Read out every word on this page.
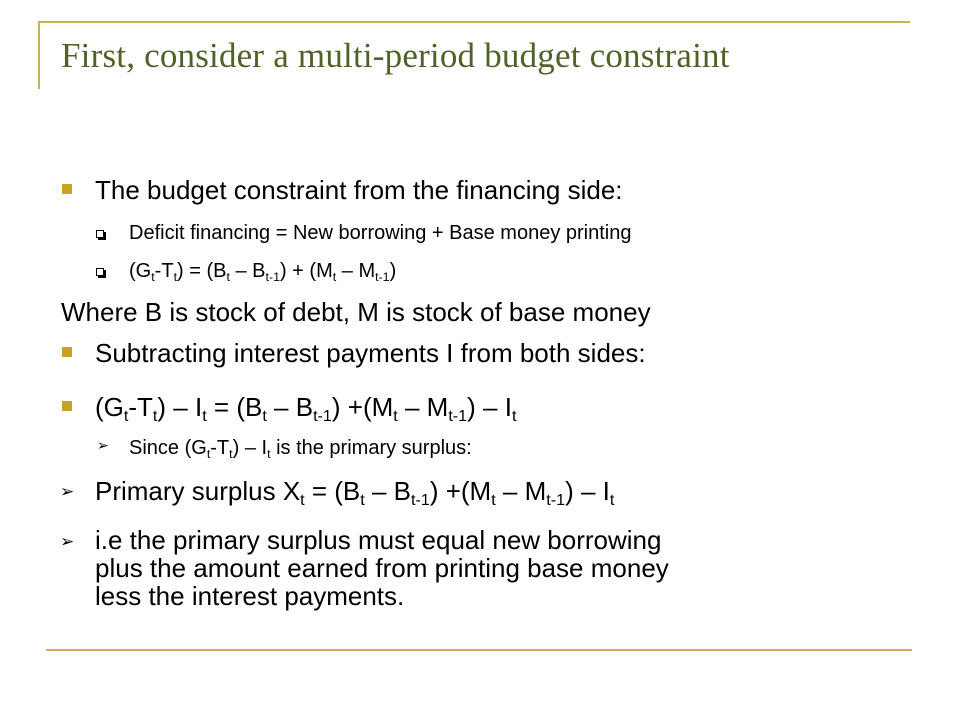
First, consider a multi-period budget constraint
The budget constraint from the financing side:
Deficit financing = New borrowing + Base money printing
$(G_t-T_t) = (B_t - B_{t-1}) + (M_t - M_{t-1})$
Where B is stock of debt, M is stock of base money
Subtracting interest payments I from both sides:
$(G_t-T_t) - I_t = (B_t - B_{t-1}) +(M_t - M_{t-1}) - I_t$
➢ Since $(G_t-T_t) - I_t$ is the primary surplus:
➢ Primary surplus $X_t = (B_t - B_{t-1}) +(M_t - M_{t-1}) - I_t$
➢ i.e the primary surplus must equal new borrowing
plus the amount earned from printing base money
less the interest payments.
